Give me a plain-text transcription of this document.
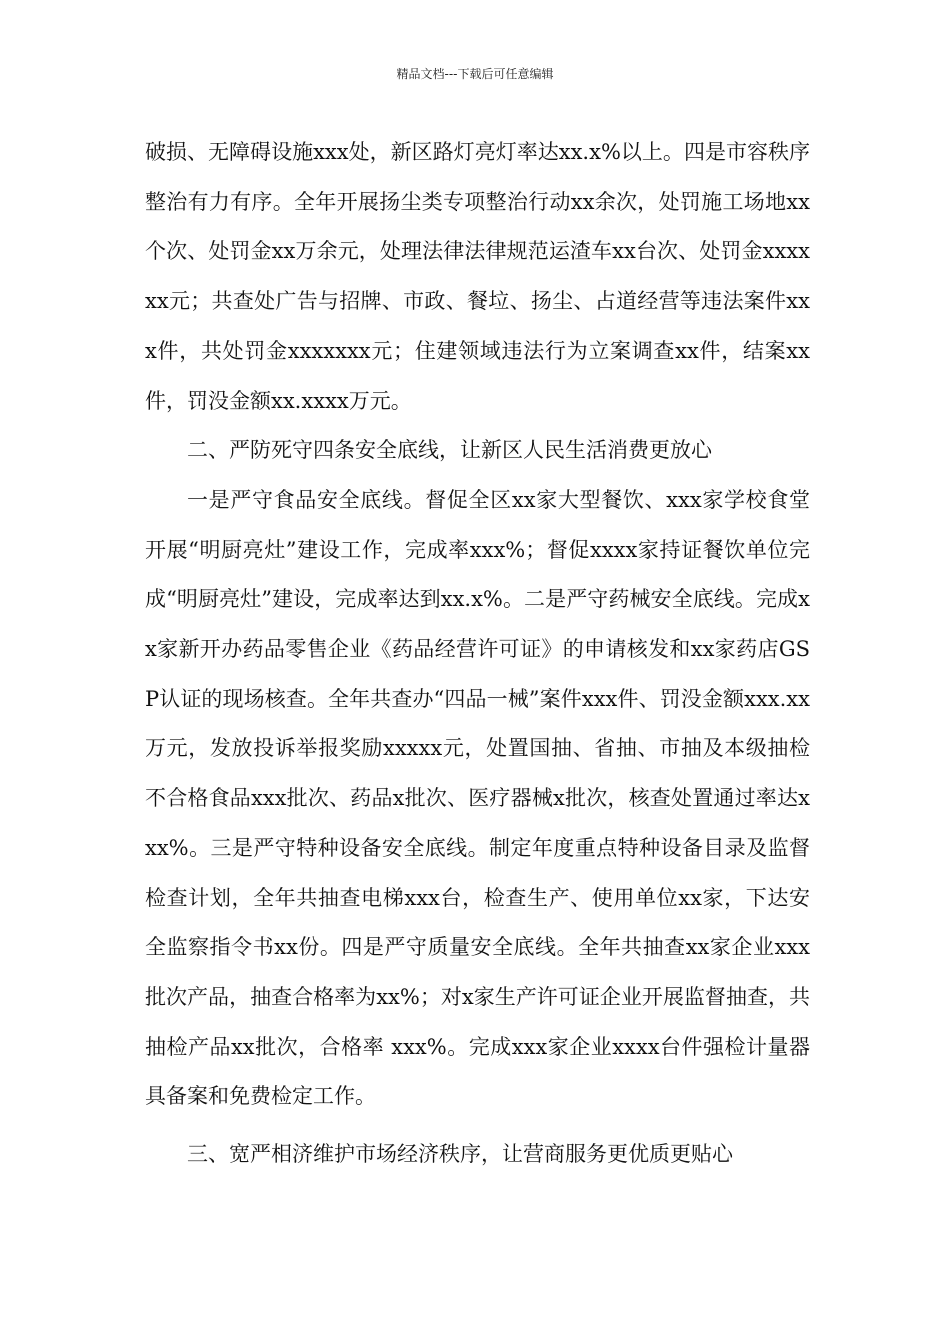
精品文档---下载后可任意编辑

破损、无障碍设施xxx处，新区路灯亮灯率达xx.x%以上。四是市容秩序整治有力有序。全年开展扬尘类专项整治行动xx余次，处罚施工场地xx个次、处罚金xx万余元，处理法律法律规范运渣车xx台次、处罚金xxxxxx元；共查处广告与招牌、市政、餐垃、扬尘、占道经营等违法案件xxx件，共处罚金xxxxxxx元；住建领域违法行为立案调查xx件，结案xx件，罚没金额xx.xxxx万元。

二、严防死守四条安全底线，让新区人民生活消费更放心

一是严守食品安全底线。督促全区xx家大型餐饮、xxx家学校食堂开展“明厨亮灶”建设工作，完成率xxx%；督促xxxx家持证餐饮单位完成“明厨亮灶”建设，完成率达到xx.x%。二是严守药械安全底线。完成xx家新开办药品零售企业《药品经营许可证》的申请核发和xx家药店GSP认证的现场核查。全年共查办“四品一械”案件xxx件、罚没金额xxx.xx万元，发放投诉举报奖励xxxxx元，处置国抽、省抽、市抽及本级抽检不合格食品xxx批次、药品x批次、医疗器械x批次，核查处置通过率达xxx%。三是严守特种设备安全底线。制定年度重点特种设备目录及监督检查计划，全年共抽查电梯xxx台，检查生产、使用单位xx家，下达安全监察指令书xx份。四是严守质量安全底线。全年共抽查xx家企业xxx批次产品，抽查合格率为xx%；对x家生产许可证企业开展监督抽查，共抽检产品xx批次，合格率 xxx%。完成xxx家企业xxxx台件强检计量器具备案和免费检定工作。

三、宽严相济维护市场经济秩序，让营商服务更优质更贴心
